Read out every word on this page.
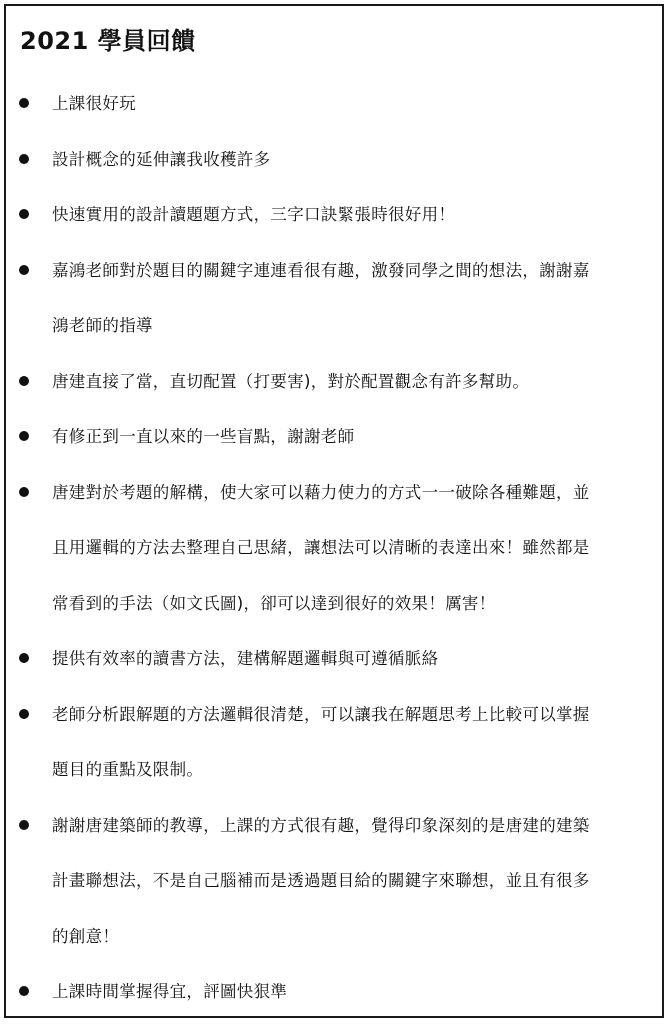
2021 學員回饋
上課很好玩
設計概念的延伸讓我收穫許多
快速實用的設計讀題題方式，三字口訣緊張時很好用！
嘉鴻老師對於題目的關鍵字連連看很有趣，激發同學之間的想法，謝謝嘉
鴻老師的指導
唐建直接了當，直切配置（打要害)，對於配置觀念有許多幫助。
有修正到一直以來的一些盲點，謝謝老師
唐建對於考題的解構，使大家可以藉力使力的方式一一破除各種難題，並
且用邏輯的方法去整理自己思緒，讓想法可以清晰的表達出來！雖然都是
常看到的手法（如文氏圖)，卻可以達到很好的效果！厲害！
提供有效率的讀書方法，建構解題邏輯與可遵循脈絡
老師分析跟解題的方法邏輯很清楚，可以讓我在解題思考上比較可以掌握
題目的重點及限制。
謝謝唐建築師的教導，上課的方式很有趣，覺得印象深刻的是唐建的建築
計畫聯想法，不是自己腦補而是透過題目給的關鍵字來聯想，並且有很多
的創意！
上課時間掌握得宜，評圖快狠準
